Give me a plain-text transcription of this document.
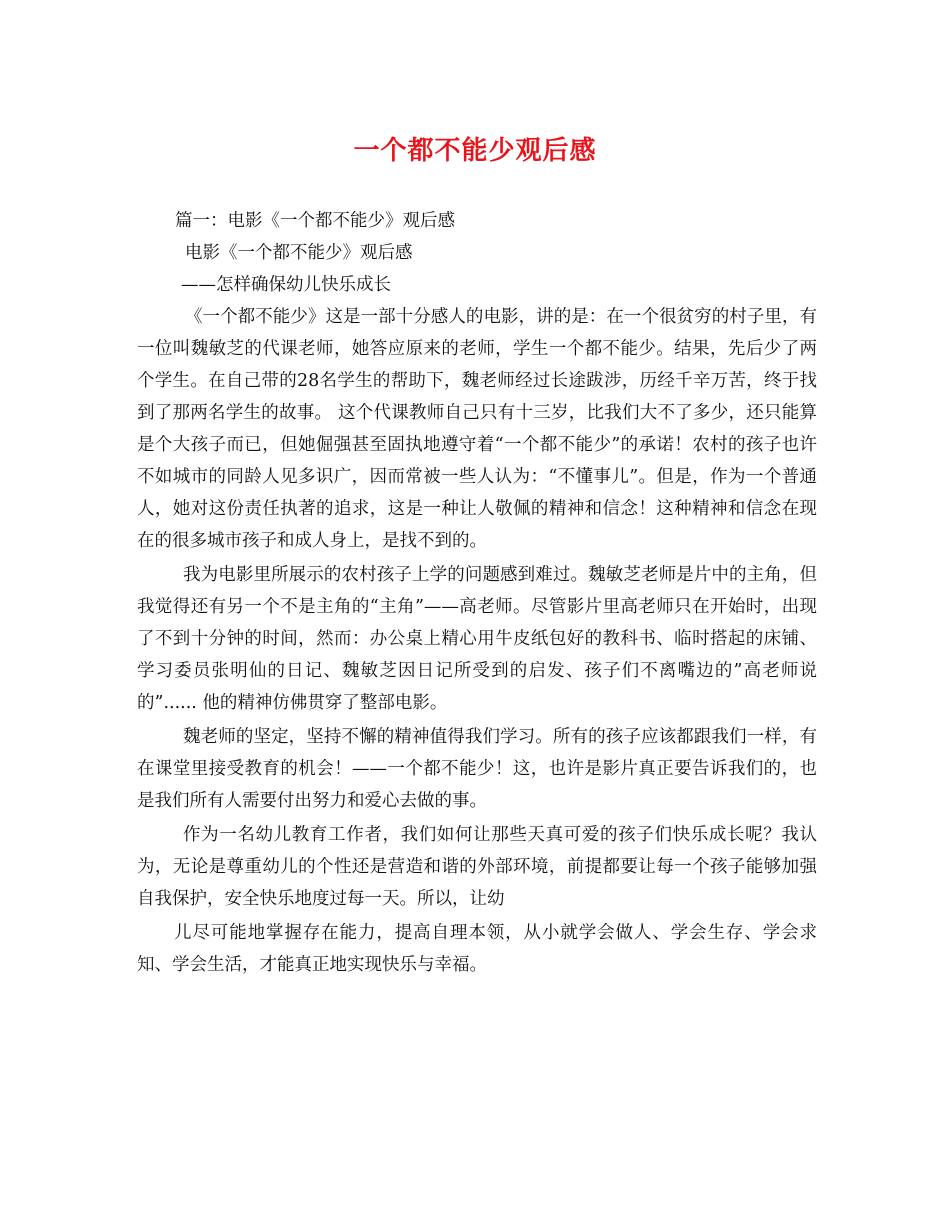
一个都不能少观后感

篇一：电影《一个都不能少》观后感

电影《一个都不能少》观后感

——怎样确保幼儿快乐成长

《一个都不能少》这是一部十分感人的电影，讲的是：在一个很贫穷的村子里，有一位叫魏敏芝的代课老师，她答应原来的老师，学生一个都不能少。结果，先后少了两个学生。在自己带的28名学生的帮助下，魏老师经过长途跋涉，历经千辛万苦，终于找到了那两名学生的故事。 这个代课教师自己只有十三岁，比我们大不了多少，还只能算是个大孩子而已，但她倔强甚至固执地遵守着“一个都不能少”的承诺！农村的孩子也许不如城市的同龄人见多识广，因而常被一些人认为：“不懂事儿”。但是，作为一个普通人，她对这份责任执著的追求，这是一种让人敬佩的精神和信念！这种精神和信念在现在的很多城市孩子和成人身上，是找不到的。

我为电影里所展示的农村孩子上学的问题感到难过。魏敏芝老师是片中的主角，但我觉得还有另一个不是主角的“主角”——高老师。尽管影片里高老师只在开始时，出现了不到十分钟的时间，然而：办公桌上精心用牛皮纸包好的教科书、临时搭起的床铺、学习委员张明仙的日记、魏敏芝因日记所受到的启发、孩子们不离嘴边的”高老师说的”...... 他的精神仿佛贯穿了整部电影。

魏老师的坚定，坚持不懈的精神值得我们学习。所有的孩子应该都跟我们一样，有在课堂里接受教育的机会！——一个都不能少！这，也许是影片真正要告诉我们的，也是我们所有人需要付出努力和爱心去做的事。

作为一名幼儿教育工作者，我们如何让那些天真可爱的孩子们快乐成长呢？我认为，无论是尊重幼儿的个性还是营造和谐的外部环境，前提都要让每一个孩子能够加强自我保护，安全快乐地度过每一天。所以，让幼

儿尽可能地掌握存在能力，提高自理本领，从小就学会做人、学会生存、学会求知、学会生活，才能真正地实现快乐与幸福。
